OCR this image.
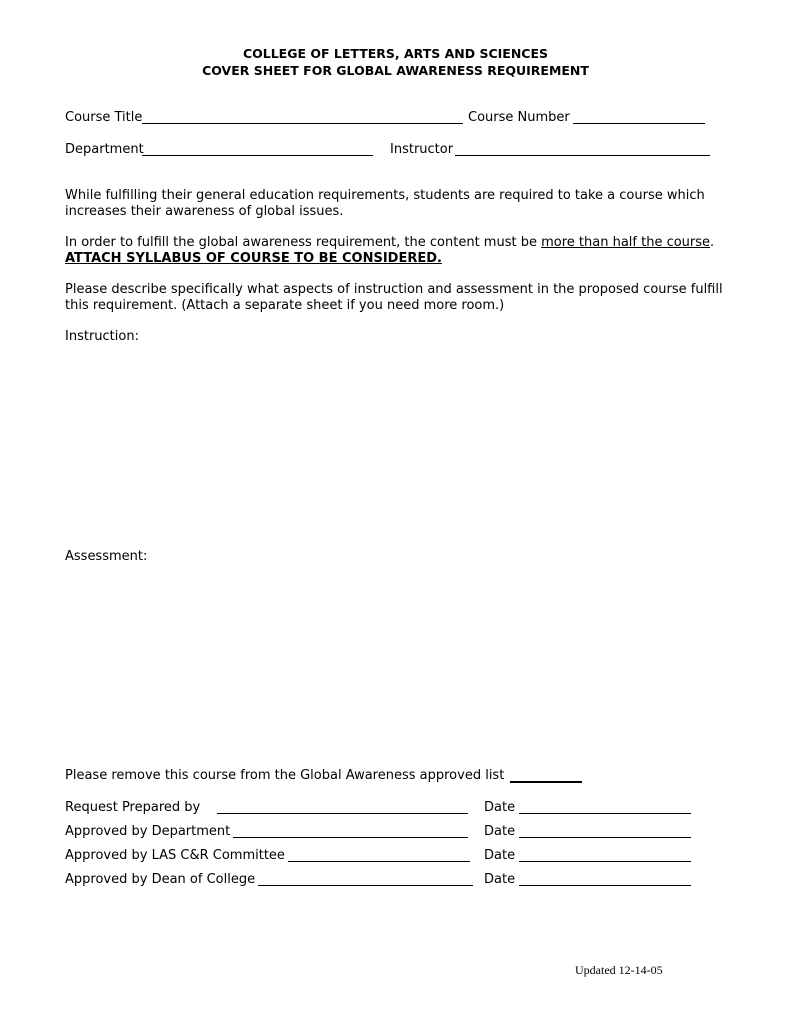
COLLEGE OF LETTERS, ARTS AND SCIENCES
COVER SHEET FOR GLOBAL AWARENESS REQUIREMENT
Course Title	Course Number
Department	Instructor
While fulfilling their general education requirements, students are required to take a course which increases their awareness of global issues.
In order to fulfill the global awareness requirement, the content must be more than half the course.
ATTACH SYLLABUS OF COURSE TO BE CONSIDERED.
Please describe specifically what aspects of instruction and assessment in the proposed course fulfill this requirement. (Attach a separate sheet if you need more room.)
Instruction:
Assessment:
Please remove this course from the Global Awareness approved list
Request Prepared by	Date
Approved by Department	Date
Approved by LAS C&R Committee	Date
Approved by Dean of College	Date
Updated 12-14-05
